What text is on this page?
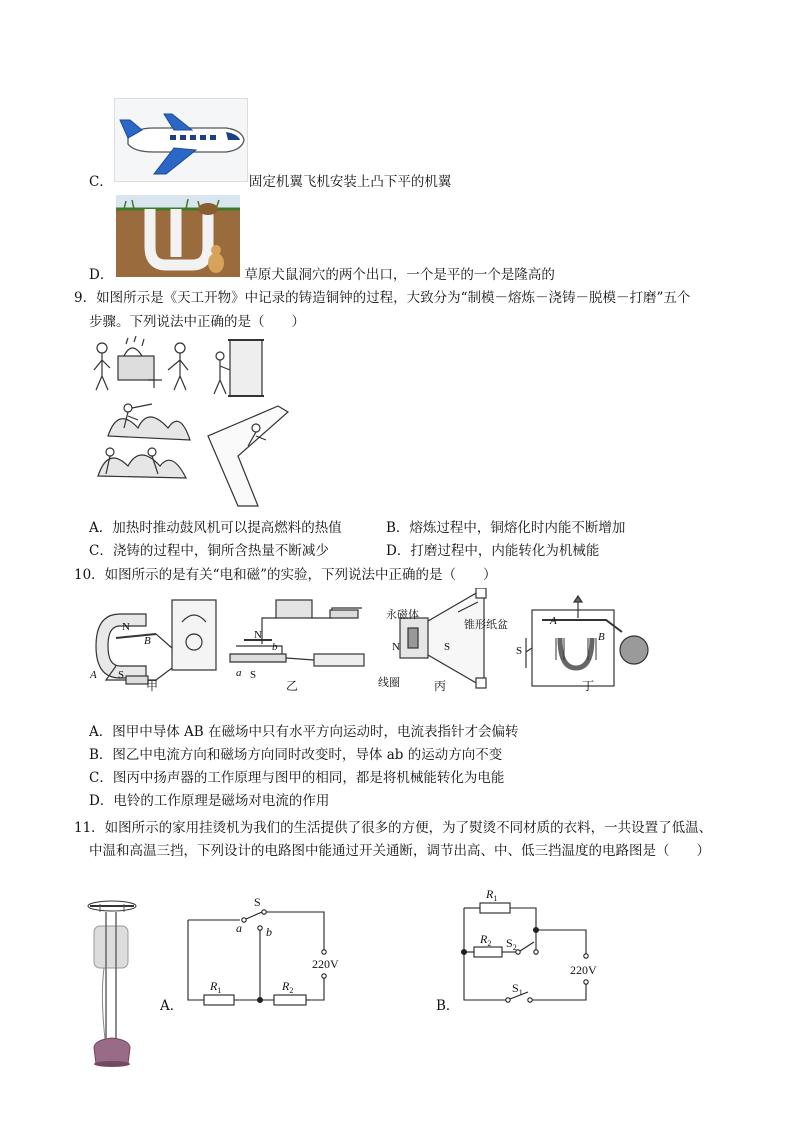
C．	固定机翼飞机安装上凸下平的机翼
D．	草原犬鼠洞穴的两个出口，一个是平的一个是隆高的
9．如图所示是《天工开物》中记录的铸造铜钟的过程，大致分为“制模－熔炼－浇铸－脱模－打磨”五个
步骤。下列说法中正确的是（　　）
A．加热时推动鼓风机可以提高燃料的热值	B．熔炼过程中，铜熔化时内能不断增加
C．浇铸的过程中，铜所含热量不断减少	D．打磨过程中，内能转化为机械能
10．如图所示的是有关“电和磁”的实验，下列说法中正确的是（　　）
N
B
A S
甲
N
b
a S
乙
永磁体
锥形纸盆
N	S
线圈	丙
A
B
S
丁
A．图甲中导体 AB 在磁场中只有水平方向运动时，电流表指针才会偏转
B．图乙中电流方向和磁场方向同时改变时，导体 ab 的运动方向不变
C．图丙中扬声器的工作原理与图甲的相同，都是将机械能转化为电能
D．电铃的工作原理是磁场对电流的作用
11．如图所示的家用挂烫机为我们的生活提供了很多的方便，为了熨烫不同材质的衣料，一共设置了低温、
中温和高温三挡，下列设计的电路图中能通过开关通断，调节出高、中、低三挡温度的电路图是（　　）
A．
S
a b
220V
$R_1$	$R_2$
B．
$R_1$
$R_2$ $S_2$
$S_1$
220V
